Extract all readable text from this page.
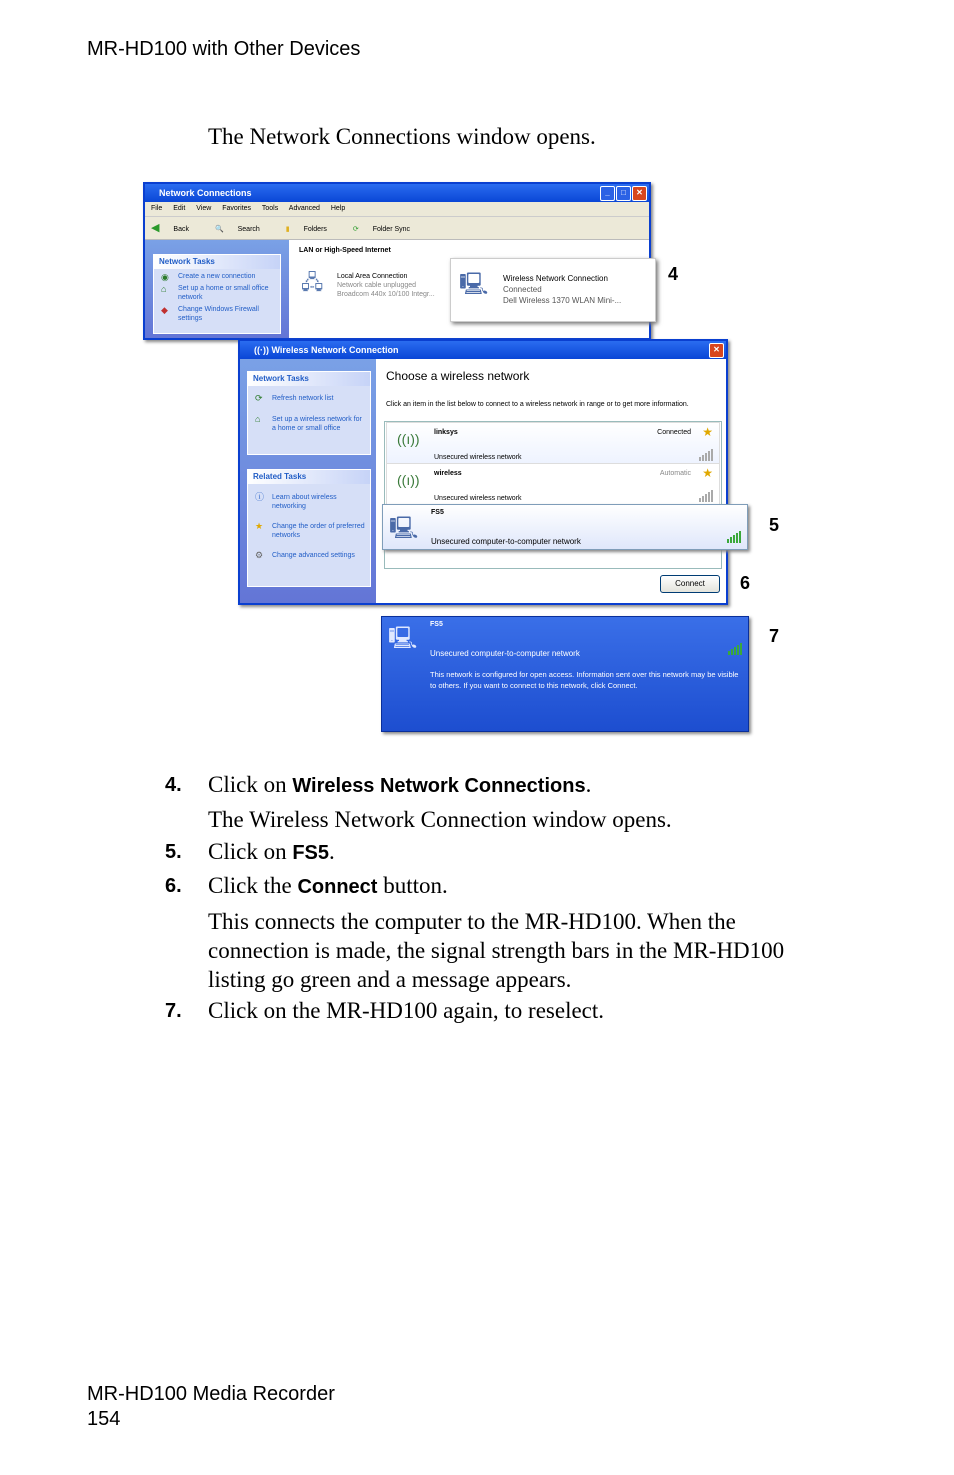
MR-HD100 with Other Devices
The Network Connections window opens.
Network Connections	_	□	✕
File Edit View Favorites Tools Advanced Help
◀ Back	🔍 Search	▮ Folders	⟳ Folder Sync
Network Tasks
◉ Create a new connection
⌂ Set up a home or small office network
◆ Change Windows Firewall settings
LAN or High-Speed Internet
🖧 Local Area Connection
Network cable unplugged
Broadcom 440x 10/100 Integr... 🖳 Wireless Network Connection
Connected
Dell Wireless 1370 WLAN Mini-...
4
((·)) Wireless Network Connection	✕
Network Tasks
⟳ Refresh network list
⌂ Set up a wireless network for a home or small office
Related Tasks
ⓘ Learn about wireless networking
★ Change the order of preferred networks
⚙ Change advanced settings
Choose a wireless network
Click an item in the list below to connect to a wireless network in range or to get more information.
((ı)) linksys	Connected ★
Unsecured wireless network
((ı)) wireless	Automatic ★
Unsecured wireless network
Connect
🖳
FS5
Unsecured computer-to-computer network
5
6
🖳
FS5
Unsecured computer-to-computer network
This network is configured for open access. Information sent over this network may be visible to others. If you want to connect to this network, click Connect.
7
4. Click on Wireless Network Connections.
The Wireless Network Connection window opens.
5. Click on FS5.
6. Click the Connect button.
This connects the computer to the MR-HD100. When the connection is made, the signal strength bars in the MR-HD100 listing go green and a message appears.
7. Click on the MR-HD100 again, to reselect.
MR-HD100 Media Recorder
154
